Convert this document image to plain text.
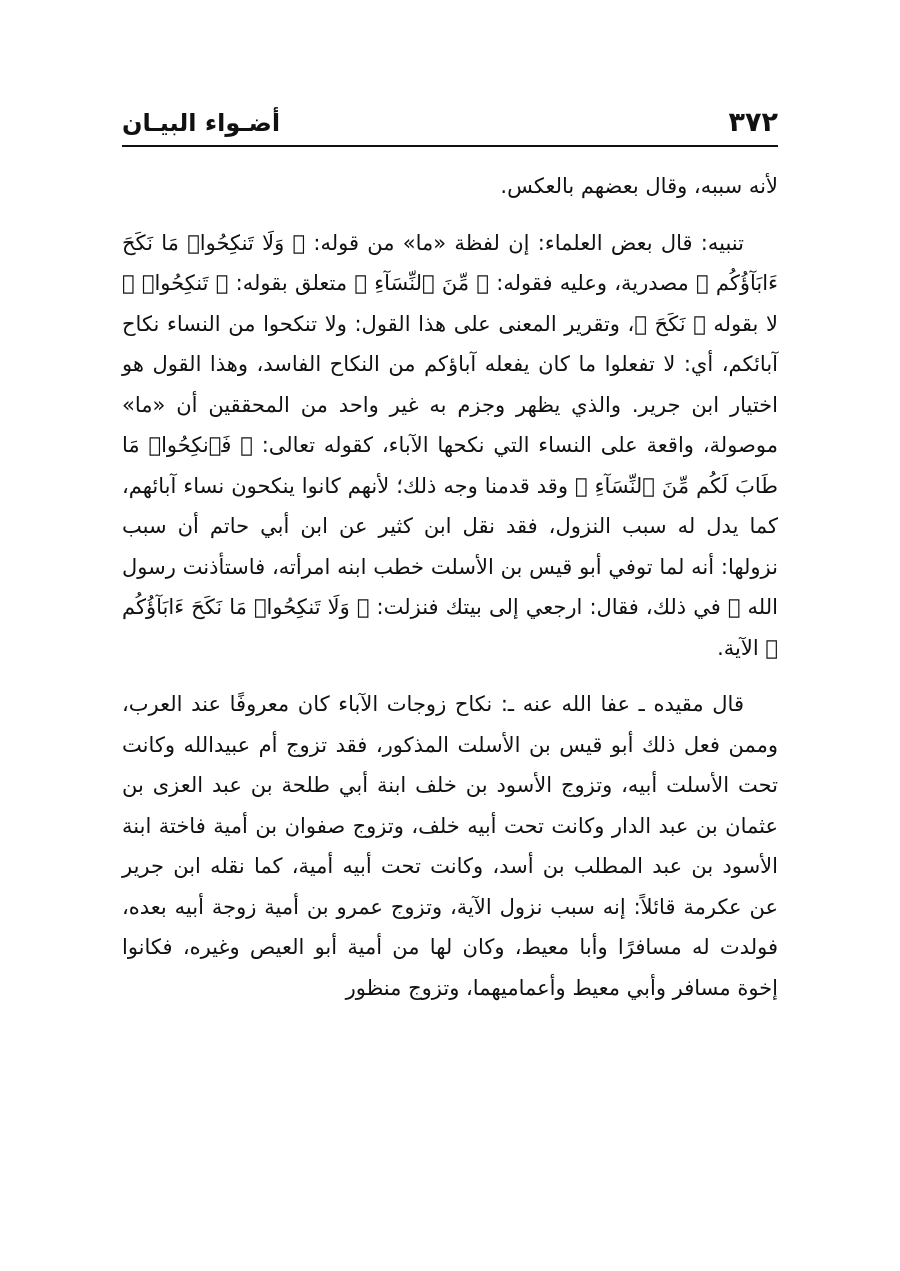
٣٧٢
أضـواء البيـان

لأنه سببه، وقال بعضهم بالعكس.

تنبيه: قال بعض العلماء: إن لفظة «ما» من قوله: ﴿ وَلَا تَنكِحُوا۟ مَا نَكَحَ ءَابَآؤُكُم ﴾ مصدرية، وعليه فقوله: ﴿ مِّنَ ٱلنِّسَآءِ ﴾ متعلق بقوله: ﴿ تَنكِحُوا۟ ﴾ لا بقوله ﴿ نَكَحَ ﴾، وتقرير المعنى على هذا القول: ولا تنكحوا من النساء نكاح آبائكم، أي: لا تفعلوا ما كان يفعله آباؤكم من النكاح الفاسد، وهذا القول هو اختيار ابن جرير. والذي يظهر وجزم به غير واحد من المحققين أن «ما» موصولة، واقعة على النساء التي نكحها الآباء، كقوله تعالى: ﴿ فَٱنكِحُوا۟ مَا طَابَ لَكُم مِّنَ ٱلنِّسَآءِ ﴾ وقد قدمنا وجه ذلك؛ لأنهم كانوا ينكحون نساء آبائهم، كما يدل له سبب النزول، فقد نقل ابن كثير عن ابن أبي حاتم أن سبب نزولها: أنه لما توفي أبو قيس بن الأسلت خطب ابنه امرأته، فاستأذنت رسول الله ﷺ في ذلك، فقال: ارجعي إلى بيتك فنزلت: ﴿ وَلَا تَنكِحُوا۟ مَا نَكَحَ ءَابَآؤُكُم ﴾ الآية.

قال مقيده ـ عفا الله عنه ـ: نكاح زوجات الآباء كان معروفًا عند العرب، وممن فعل ذلك أبو قيس بن الأسلت المذكور، فقد تزوج أم عبيدالله وكانت تحت الأسلت أبيه، وتزوج الأسود بن خلف ابنة أبي طلحة بن عبد العزى بن عثمان بن عبد الدار وكانت تحت أبيه خلف، وتزوج صفوان بن أمية فاختة ابنة الأسود بن عبد المطلب بن أسد، وكانت تحت أبيه أمية، كما نقله ابن جرير عن عكرمة قائلاً: إنه سبب نزول الآية، وتزوج عمرو بن أمية زوجة أبيه بعده، فولدت له مسافرًا وأبا معيط، وكان لها من أمية أبو العيص وغيره، فكانوا إخوة مسافر وأبي معيط وأعماميهما، وتزوج منظور
